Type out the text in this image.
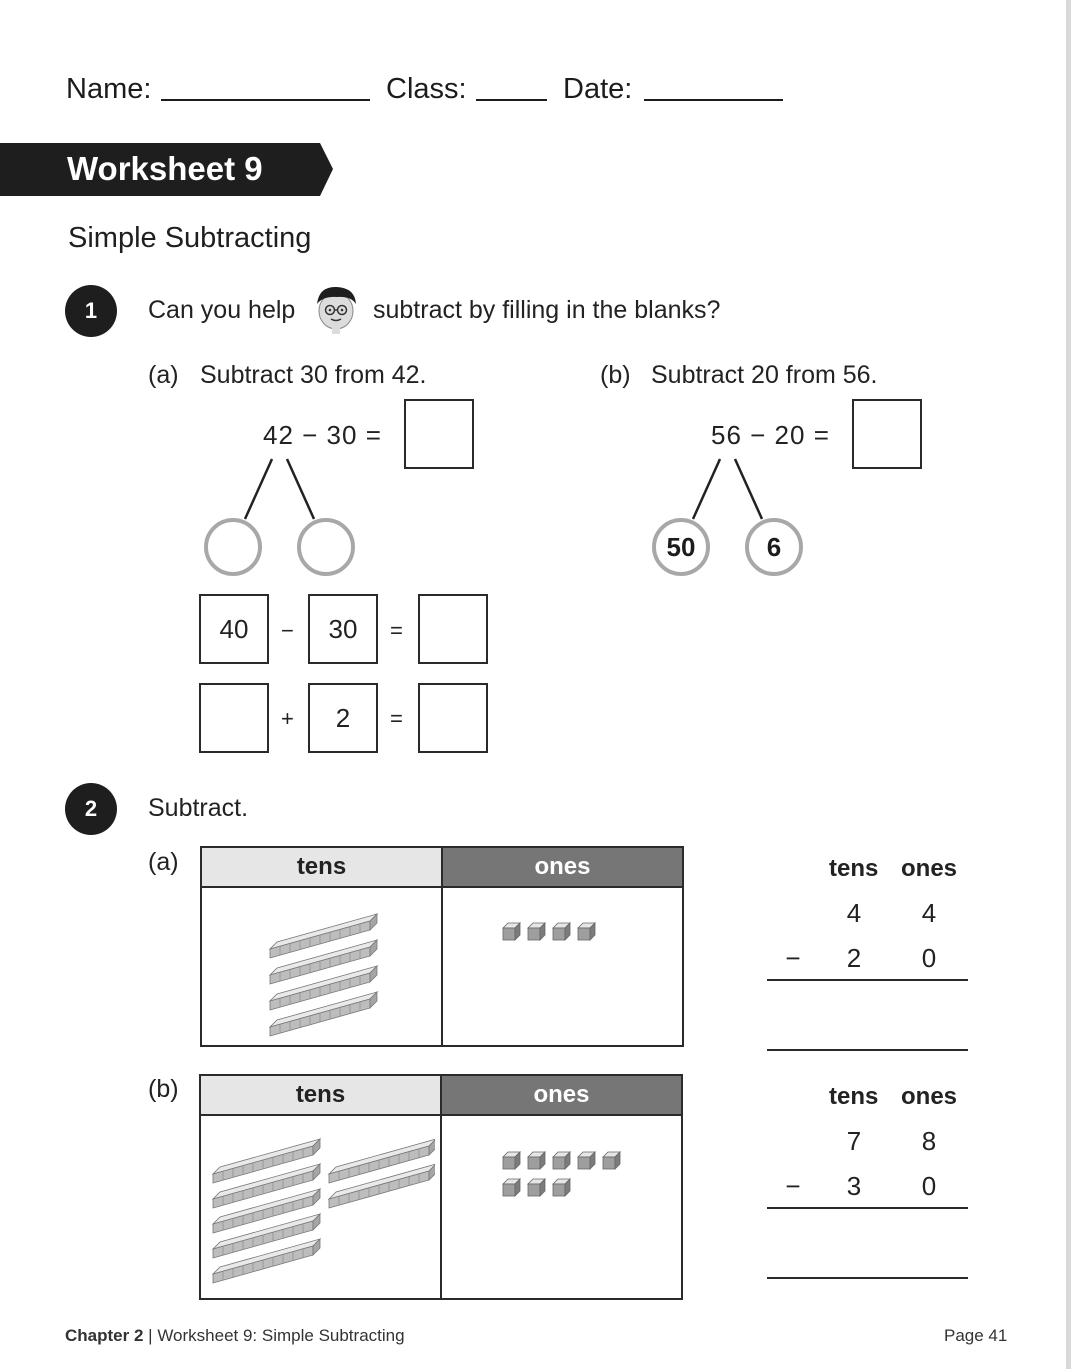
Name:	Class:	Date:
Worksheet 9
Simple Subtracting
1	Can you help	subtract by filling in the blanks?
(a) Subtract 30 from 42.
42 − 30 =
40	−	30	=
+	2	=
(b) Subtract 20 from 56.
56 − 20 =
50	6
2	Subtract.
(a)	tens	ones	tens ones
4 4
− 2 0
(b)	tens	ones	tens ones
7 8
− 3 0
Chapter 2 | Worksheet 9: Simple Subtracting	Page 41
